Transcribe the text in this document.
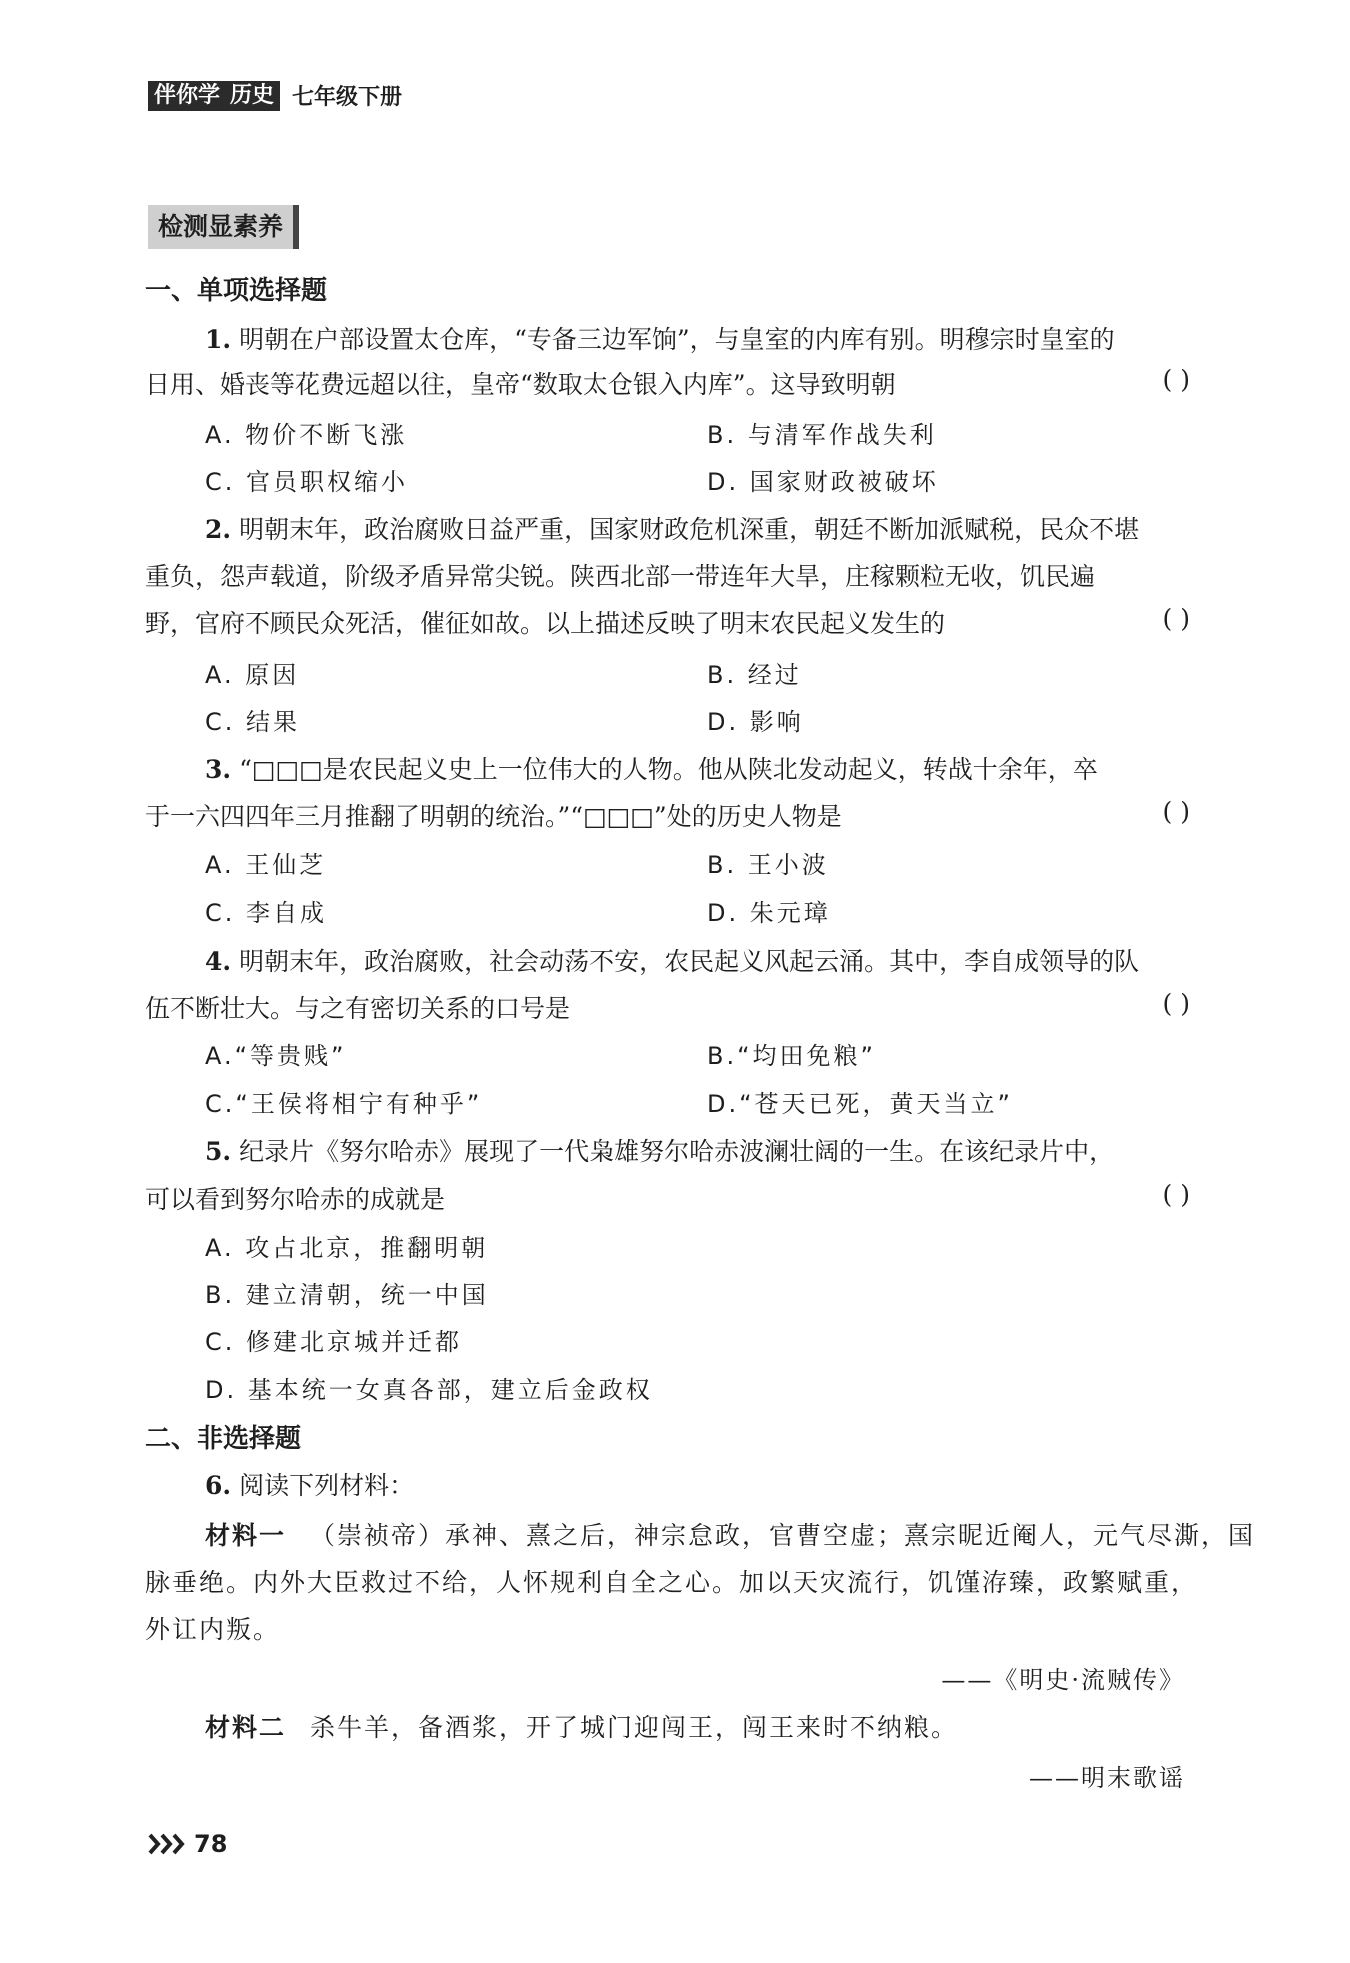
伴你学 历史 七年级下册
检测显素养
一、单项选择题
1. 明朝在户部设置太仓库，“专备三边军饷”，与皇室的内库有别。明穆宗时皇室的
日用、婚丧等花费远超以往，皇帝“数取太仓银入内库”。这导致明朝	( )
A. 物价不断飞涨	B. 与清军作战失利
C. 官员职权缩小	D. 国家财政被破坏
2. 明朝末年，政治腐败日益严重，国家财政危机深重，朝廷不断加派赋税，民众不堪
重负，怨声载道，阶级矛盾异常尖锐。陕西北部一带连年大旱，庄稼颗粒无收，饥民遍
野，官府不顾民众死活，催征如故。以上描述反映了明末农民起义发生的	( )
A. 原因	B. 经过
C. 结果	D. 影响
3. “□□□是农民起义史上一位伟大的人物。他从陕北发动起义，转战十余年，卒
于一六四四年三月推翻了明朝的统治。”“□□□”处的历史人物是	( )
A. 王仙芝	B. 王小波
C. 李自成	D. 朱元璋
4. 明朝末年，政治腐败，社会动荡不安，农民起义风起云涌。其中，李自成领导的队
伍不断壮大。与之有密切关系的口号是	( )
A.“等贵贱”	B.“均田免粮”
C.“王侯将相宁有种乎”	D.“苍天已死，黄天当立”
5. 纪录片《努尔哈赤》展现了一代枭雄努尔哈赤波澜壮阔的一生。在该纪录片中，
可以看到努尔哈赤的成就是	( )
A. 攻占北京，推翻明朝
B. 建立清朝，统一中国
C. 修建北京城并迁都
D. 基本统一女真各部，建立后金政权
二、非选择题
6. 阅读下列材料：
材料一 （崇祯帝）承神、熹之后，神宗怠政，官曹空虚；熹宗昵近阉人，元气尽澌，国
脉垂绝。内外大臣救过不给，人怀规利自全之心。加以天灾流行，饥馑洊臻，政繁赋重，
外讧内叛。
——《明史·流贼传》
材料二 杀牛羊，备酒浆，开了城门迎闯王，闯王来时不纳粮。
——明末歌谣
78
